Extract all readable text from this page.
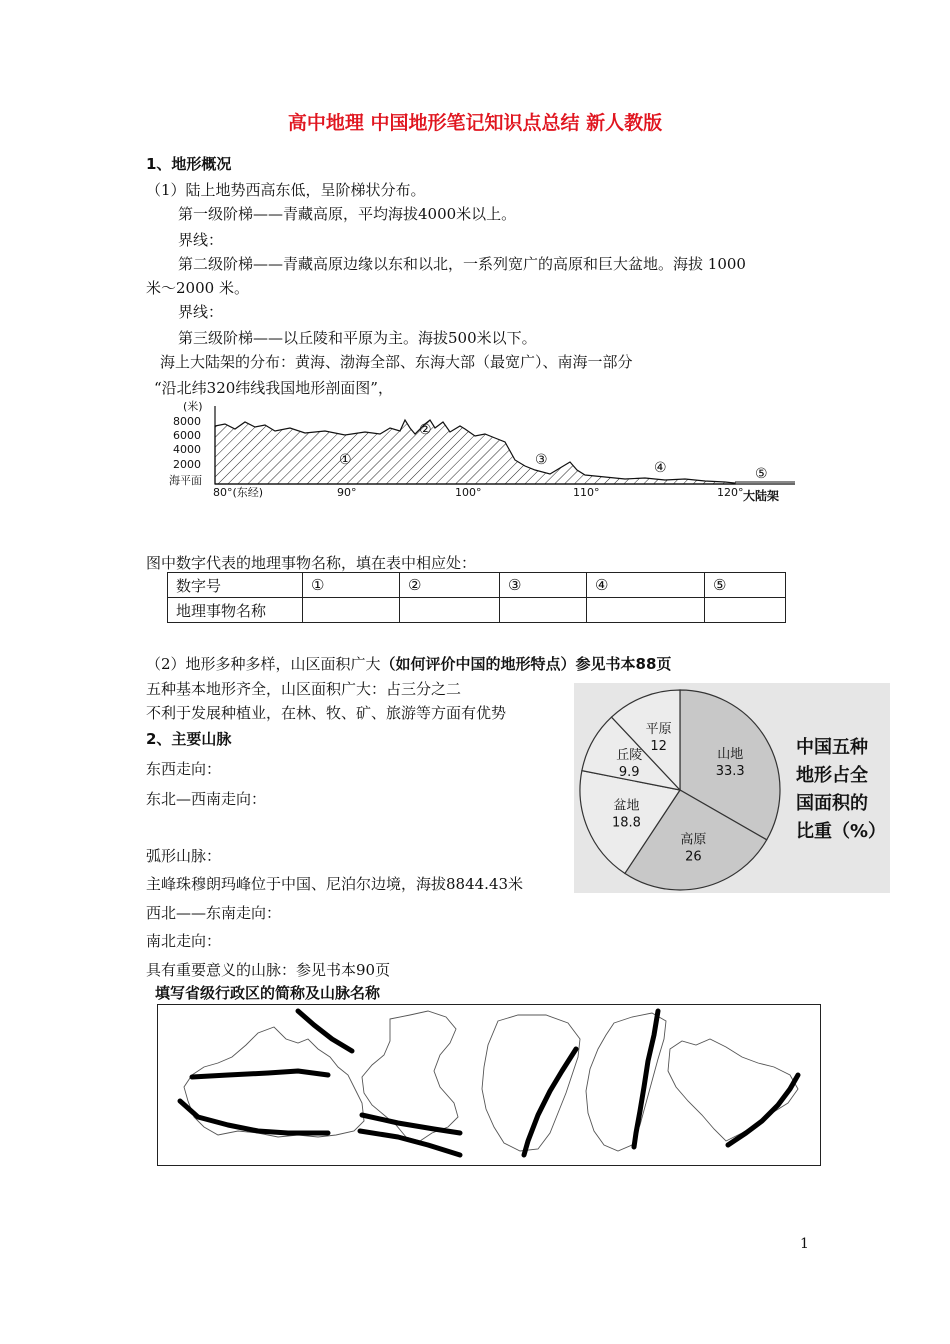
高中地理 中国地形笔记知识点总结 新人教版
1、地形概况
（1）陆上地势西高东低，呈阶梯状分布。
第一级阶梯——青藏高原，平均海拔4000米以上。
界线：
第二级阶梯——青藏高原边缘以东和以北，一系列宽广的高原和巨大盆地。海拔 1000
米～2000 米。
界线：
第三级阶梯——以丘陵和平原为主。海拔500米以下。
海上大陆架的分布：黄海、渤海全部、东海大部（最宽广）、南海一部分
“沿北纬320纬线我国地形剖面图”，
(米)
8000
6000
4000
2000
海平面
①
②
③	④	⑤
80°(东经)	90°	100°	110°	120° 大陆架
图中数字代表的地理事物名称，填在表中相应处：
数字号	①	②	③	④	⑤
地理事物名称					
（2）地形多种多样，山区面积广大（如何评价中国的地形特点）参见书本88页
五种基本地形齐全，山区面积广大：占三分之二
不利于发展种植业，在林、牧、矿、旅游等方面有优势
山地
33.3
高原
26
盆地
18.8
丘陵
9.9
平原
12	中国五种
地形占全
国面积的
比重（%）
2、主要山脉
东西走向：
东北—西南走向：
弧形山脉：
主峰珠穆朗玛峰位于中国、尼泊尔边境，海拔8844.43米
西北——东南走向：
南北走向：
具有重要意义的山脉：参见书本90页
填写省级行政区的简称及山脉名称
1
